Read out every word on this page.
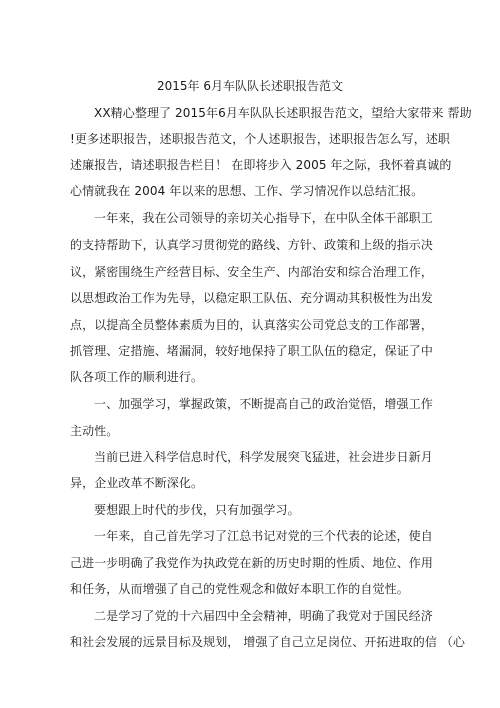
2015年 6月车队队长述职报告范文
XX精心整理了 2015年6月车队队长述职报告范文，望给大家带来 帮助
!更多述职报告，述职报告范文，个人述职报告，述职报告怎么写，述职
述廉报告，请述职报告栏目！ 在即将步入 2005 年之际，我怀着真诚的
心情就我在 2004 年以来的思想、工作、学习情况作以总结汇报。
一年来，我在公司领导的亲切关心指导下，在中队全体干部职工
的支持帮助下，认真学习贯彻党的路线、方针、政策和上级的指示决
议，紧密围绕生产经营目标、安全生产、内部治安和综合治理工作，
以思想政治工作为先导，以稳定职工队伍、充分调动其积极性为出发
点，以提高全员整体素质为目的，认真落实公司党总支的工作部署，
抓管理、定措施、堵漏洞，较好地保持了职工队伍的稳定，保证了中
队各项工作的顺利进行。
一、加强学习，掌握政策，不断提高自己的政治觉悟，增强工作
主动性。
当前已进入科学信息时代，科学发展突飞猛进，社会进步日新月
异，企业改革不断深化。
要想跟上时代的步伐，只有加强学习。
一年来，自己首先学习了江总书记对党的三个代表的论述，使自
己进一步明确了我党作为执政党在新的历史时期的性质、地位、作用
和任务，从而增强了自己的党性观念和做好本职工作的自觉性。
二是学习了党的十六届四中全会精神，明确了我党对于国民经济
和社会发展的远景目标及规划， 增强了自己立足岗位、开拓进取的信 （心
